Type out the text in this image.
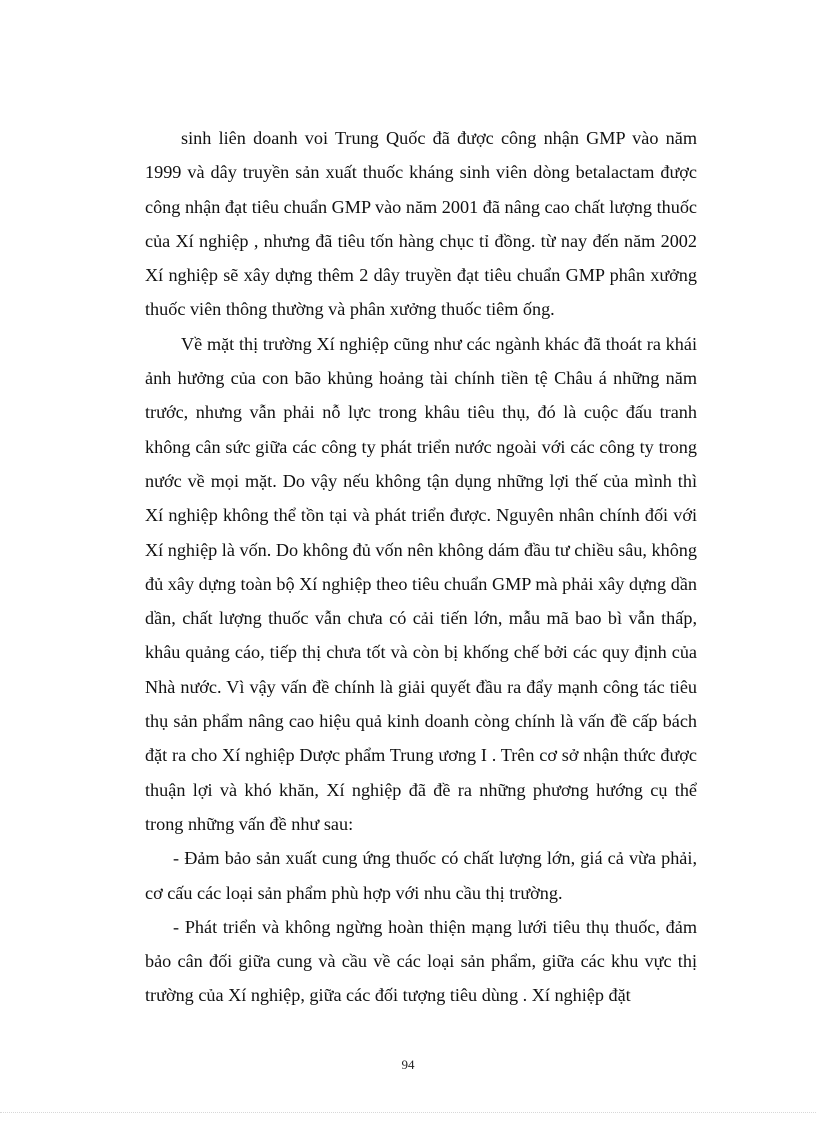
sinh liên doanh voi Trung Quốc đã được công nhận GMP vào năm 1999 và dây truyền sản xuất thuốc kháng sinh viên dòng betalactam được công nhận đạt tiêu chuẩn GMP vào năm 2001 đã nâng cao chất lượng thuốc của Xí nghiệp , nhưng đã tiêu tốn hàng chục tỉ đồng. từ nay đến năm 2002 Xí nghiệp sẽ xây dựng thêm 2 dây truyền đạt tiêu chuẩn GMP phân xưởng thuốc viên thông thường và phân xưởng thuốc tiêm ống.

Về mặt thị trường Xí nghiệp cũng như các ngành khác đã thoát ra khái ảnh hưởng của con bão khủng hoảng tài chính tiền tệ Châu á những năm trước, nhưng vẫn phải nỗ lực trong khâu tiêu thụ, đó là cuộc đấu tranh không cân sức giữa các công ty phát triển nước ngoài với các công ty trong nước về mọi mặt. Do vậy nếu không tận dụng những lợi thế của mình thì Xí nghiệp không thể tồn tại và phát triển được. Nguyên nhân chính đối với Xí nghiệp là vốn. Do không đủ vốn nên không dám đầu tư chiều sâu, không đủ xây dựng toàn bộ Xí nghiệp theo tiêu chuẩn GMP mà phải xây dựng dần dần, chất lượng thuốc vẫn chưa có cải tiến lớn, mẫu mã bao bì vẫn thấp, khâu quảng cáo, tiếp thị chưa tốt và còn bị khống chế bởi các quy định của Nhà nước. Vì vậy vấn đề chính là giải quyết đầu ra đẩy mạnh công tác tiêu thụ sản phẩm nâng cao hiệu quả kinh doanh còng chính là vấn đề cấp bách đặt ra cho Xí nghiệp Dược phẩm Trung ương I . Trên cơ sở nhận thức được thuận lợi và khó khăn, Xí nghiệp đã đề ra những phương hướng cụ thể trong những vấn đề như sau:

- Đảm bảo sản xuất cung ứng thuốc có chất lượng lớn, giá cả vừa phải, cơ cấu các loại sản phẩm phù hợp với nhu cầu thị trường.

- Phát triển và không ngừng hoàn thiện mạng lưới tiêu thụ thuốc, đảm bảo cân đối giữa cung và cầu về các loại sản phẩm, giữa các khu vực thị trường của Xí nghiệp, giữa các đối tượng tiêu dùng . Xí nghiệp đặt

94
